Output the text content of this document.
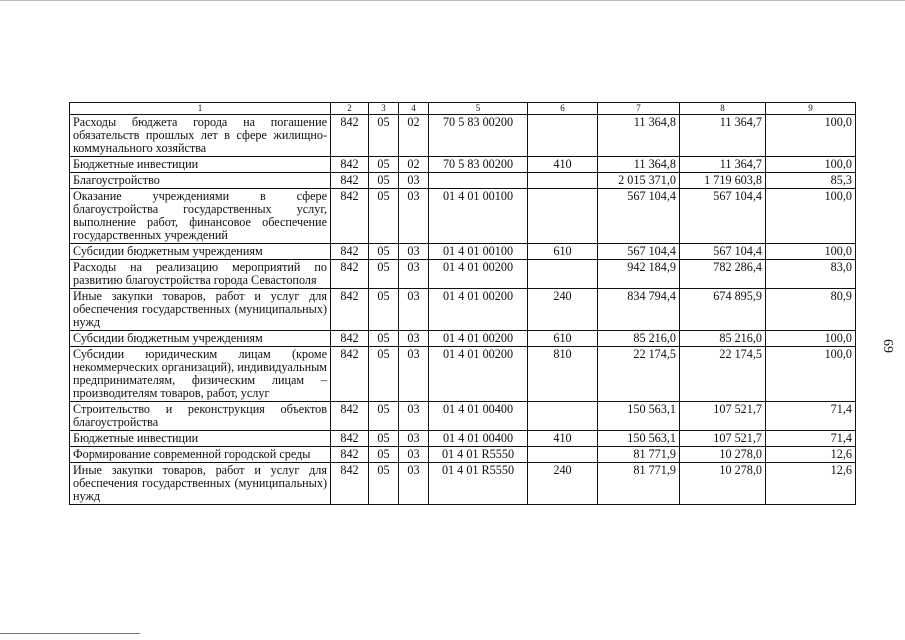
1	2	3	4	5	6	7	8	9
Расходы бюджета города на погашение обязательств прошлых лет в сфере жилищно-коммунального хозяйства	842	05	02	70 5 83 00200		11 364,8	11 364,7	100,0
Бюджетные инвестиции	842	05	02	70 5 83 00200	410	11 364,8	11 364,7	100,0
Благоустройство	842	05	03			2 015 371,0	1 719 603,8	85,3
Оказание учреждениями в сфере благоустройства государственных услуг, выполнение работ, финансовое обеспечение государственных учреждений	842	05	03	01 4 01 00100		567 104,4	567 104,4	100,0
Субсидии бюджетным учреждениям	842	05	03	01 4 01 00100	610	567 104,4	567 104,4	100,0
Расходы на реализацию мероприятий по развитию благоустройства города Севастополя	842	05	03	01 4 01 00200		942 184,9	782 286,4	83,0
Иные закупки товаров, работ и услуг для обеспечения государственных (муниципальных) нужд	842	05	03	01 4 01 00200	240	834 794,4	674 895,9	80,9
Субсидии бюджетным учреждениям	842	05	03	01 4 01 00200	610	85 216,0	85 216,0	100,0
Субсидии юридическим лицам (кроме некоммерческих организаций), индивидуальным предпринимателям, физическим лицам – производителям товаров, работ, услуг	842	05	03	01 4 01 00200	810	22 174,5	22 174,5	100,0
Строительство и реконструкция объектов благоустройства	842	05	03	01 4 01 00400		150 563,1	107 521,7	71,4
Бюджетные инвестиции	842	05	03	01 4 01 00400	410	150 563,1	107 521,7	71,4
Формирование современной городской среды	842	05	03	01 4 01 R5550		81 771,9	10 278,0	12,6
Иные закупки товаров, работ и услуг для обеспечения государственных (муниципальных) нужд	842	05	03	01 4 01 R5550	240	81 771,9	10 278,0	12,6
69
